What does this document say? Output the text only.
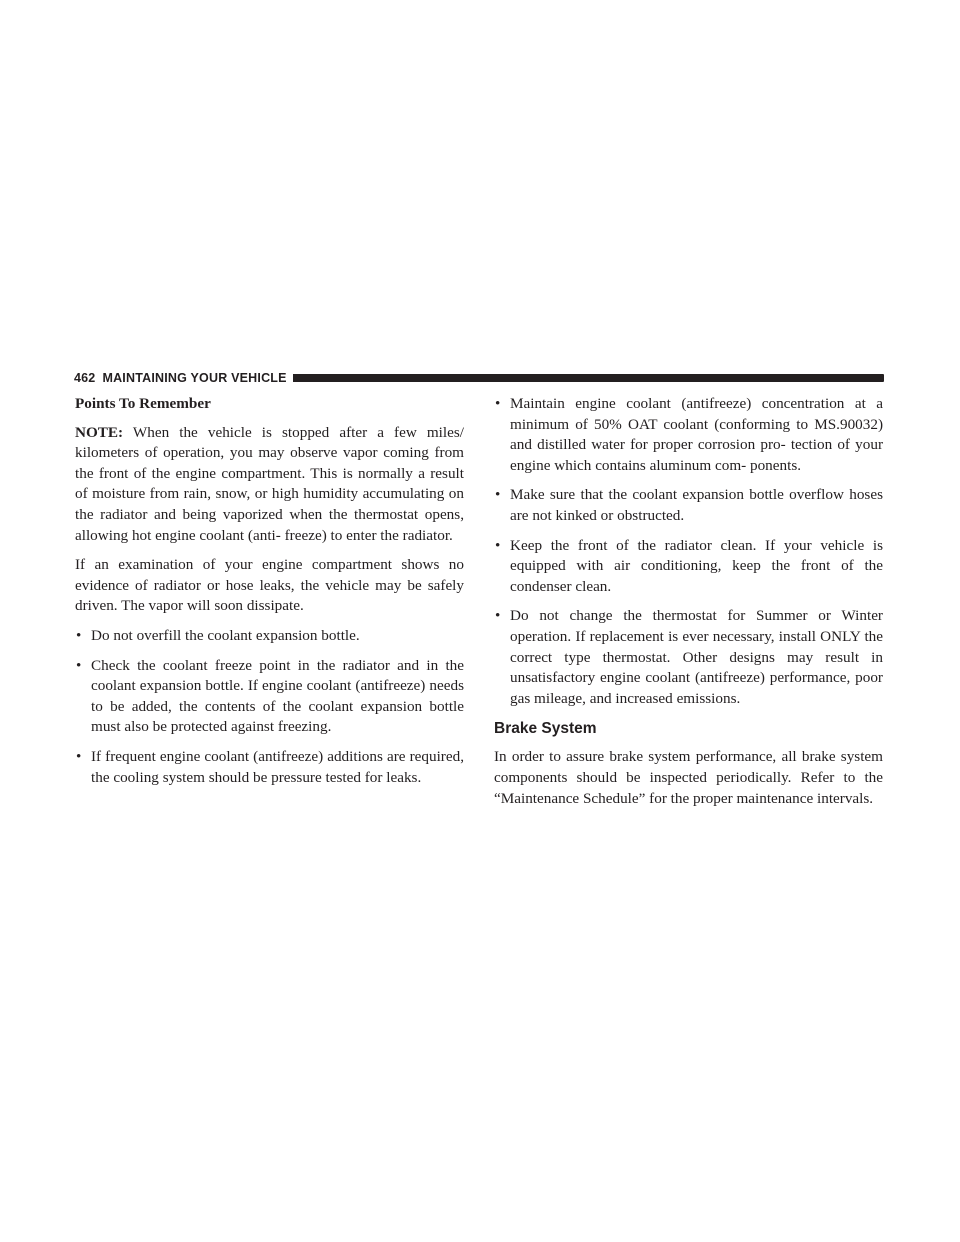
462 MAINTAINING YOUR VEHICLE
Points To Remember

NOTE: When the vehicle is stopped after a few miles/ kilometers of operation, you may observe vapor coming from the front of the engine compartment. This is normally a result of moisture from rain, snow, or high humidity accumulating on the radiator and being vaporized when the thermostat opens, allowing hot engine coolant (anti- freeze) to enter the radiator.

If an examination of your engine compartment shows no evidence of radiator or hose leaks, the vehicle may be safely driven. The vapor will soon dissipate.

• Do not overfill the coolant expansion bottle.
• Check the coolant freeze point in the radiator and in the coolant expansion bottle. If engine coolant (antifreeze) needs to be added, the contents of the coolant expansion bottle must also be protected against freezing.
• If frequent engine coolant (antifreeze) additions are required, the cooling system should be pressure tested for leaks.
• Maintain engine coolant (antifreeze) concentration at a minimum of 50% OAT coolant (conforming to MS.90032) and distilled water for proper corrosion pro- tection of your engine which contains aluminum com- ponents.
• Make sure that the coolant expansion bottle overflow hoses are not kinked or obstructed.
• Keep the front of the radiator clean. If your vehicle is equipped with air conditioning, keep the front of the condenser clean.
• Do not change the thermostat for Summer or Winter operation. If replacement is ever necessary, install ONLY the correct type thermostat. Other designs may result in unsatisfactory engine coolant (antifreeze) performance, poor gas mileage, and increased emissions.
Brake System

In order to assure brake system performance, all brake system components should be inspected periodically. Refer to the “Maintenance Schedule” for the proper maintenance intervals.
